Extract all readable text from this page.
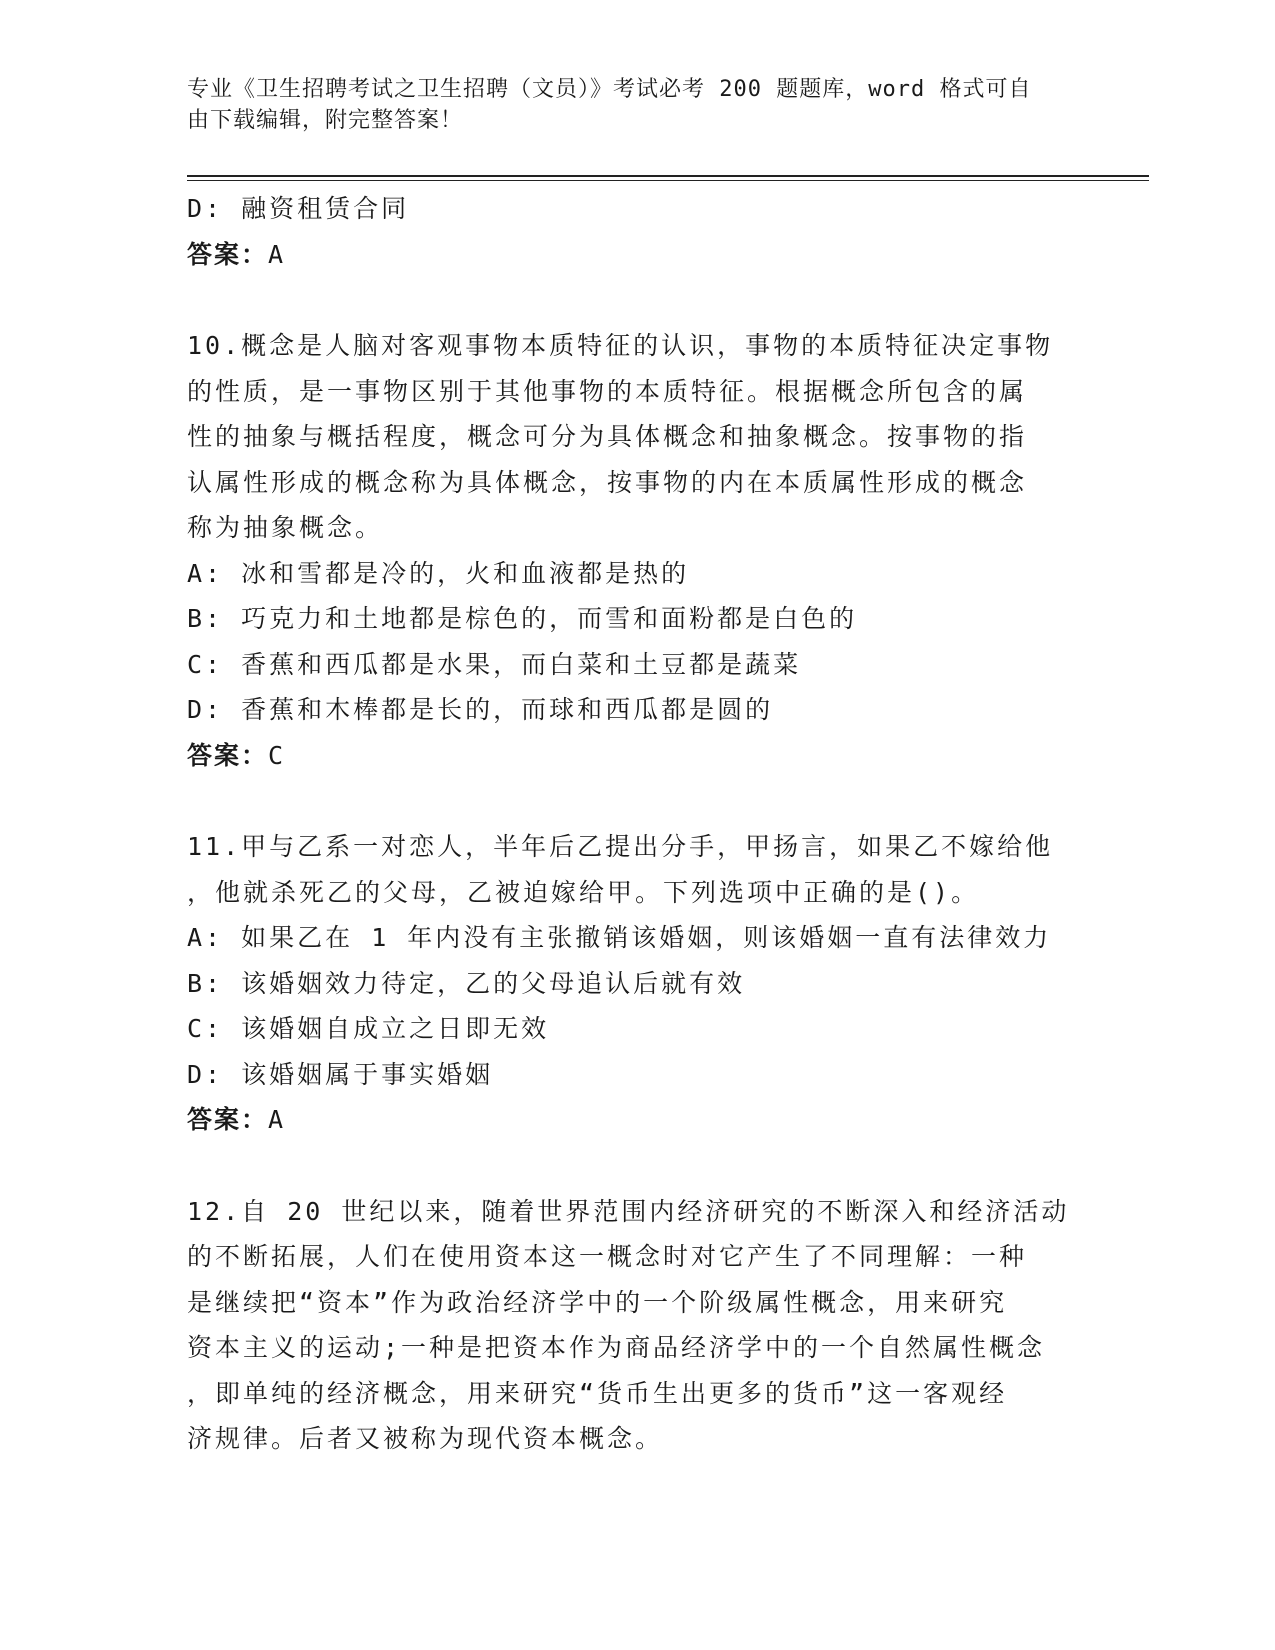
专业《卫生招聘考试之卫生招聘（文员）》考试必考 200 题题库，word 格式可自
由下载编辑，附完整答案！
D: 融资租赁合同
答案：A
10.概念是人脑对客观事物本质特征的认识，事物的本质特征决定事物
的性质，是一事物区别于其他事物的本质特征。根据概念所包含的属
性的抽象与概括程度，概念可分为具体概念和抽象概念。按事物的指
认属性形成的概念称为具体概念，按事物的内在本质属性形成的概念
称为抽象概念。
A: 冰和雪都是冷的，火和血液都是热的
B: 巧克力和土地都是棕色的，而雪和面粉都是白色的
C: 香蕉和西瓜都是水果，而白菜和土豆都是蔬菜
D: 香蕉和木棒都是长的，而球和西瓜都是圆的
答案：C
11.甲与乙系一对恋人，半年后乙提出分手，甲扬言，如果乙不嫁给他
，他就杀死乙的父母，乙被迫嫁给甲。下列选项中正确的是()。
A: 如果乙在 1 年内没有主张撤销该婚姻，则该婚姻一直有法律效力
B: 该婚姻效力待定，乙的父母追认后就有效
C: 该婚姻自成立之日即无效
D: 该婚姻属于事实婚姻
答案：A
12.自 20 世纪以来，随着世界范围内经济研究的不断深入和经济活动
的不断拓展，人们在使用资本这一概念时对它产生了不同理解：一种
是继续把“资本”作为政治经济学中的一个阶级属性概念，用来研究
资本主义的运动;一种是把资本作为商品经济学中的一个自然属性概念
，即单纯的经济概念，用来研究“货币生出更多的货币”这一客观经
济规律。后者又被称为现代资本概念。
